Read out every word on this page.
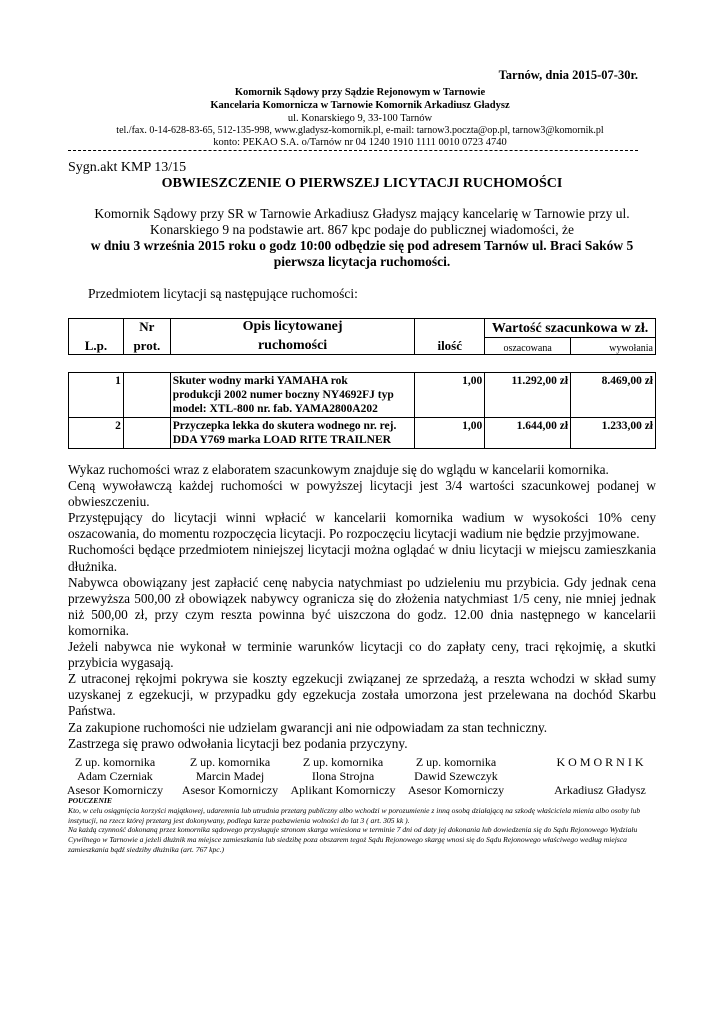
Tarnów, dnia 2015-07-30r.
Komornik Sądowy przy Sądzie Rejonowym w Tarnowie
Kancelaria Komornicza w Tarnowie Komornik Arkadiusz Gładysz
ul. Konarskiego 9, 33-100 Tarnów
tel./fax. 0-14-628-83-65, 512-135-998, www.gladysz-komornik.pl, e-mail: tarnow3.poczta@op.pl, tarnow3@komornik.pl
konto: PEKAO S.A. o/Tarnów nr 04 1240 1910 1111 0010 0723 4740
Sygn.akt KMP 13/15
OBWIESZCZENIE O PIERWSZEJ LICYTACJI RUCHOMOŚCI
Komornik Sądowy przy SR w Tarnowie Arkadiusz Gładysz mający kancelarię w Tarnowie przy ul.
Konarskiego 9 na podstawie art. 867 kpc podaje do publicznej wiadomości, że
w dniu 3 września 2015 roku o godz 10:00 odbędzie się pod adresem Tarnów ul. Braci Saków 5
pierwsza licytacja ruchomości.
Przedmiotem licytacji są następujące ruchomości:
L.p.	Nr	Opis licytowanej	ilość	Wartość szacunkowa w zł.	
	prot.	ruchomości		oszacowana	wywołania
1		Skuter wodny marki YAMAHA rok
produkcji 2002 numer boczny NY4692FJ typ
model: XTL-800 nr. fab. YAMA2800A202	1,00	11.292,00 zł	8.469,00 zł
2		Przyczepka lekka do skutera wodnego nr. rej.
DDA Y769 marka LOAD RITE TRAILNER	1,00	1.644,00 zł	1.233,00 zł

Wykaz ruchomości wraz z elaboratem szacunkowym znajduje się do wglądu w kancelarii komornika.

Ceną wywoławczą każdej ruchomości w powyższej licytacji jest 3/4 wartości szacunkowej podanej w obwieszczeniu.

Przystępujący do licytacji winni wpłacić w kancelarii komornika wadium w wysokości 10% ceny oszacowania, do momentu rozpoczęcia licytacji. Po rozpoczęciu licytacji wadium nie będzie przyjmowane.

Ruchomości będące przedmiotem niniejszej licytacji można oglądać w dniu licytacji w miejscu zamieszkania dłużnika.

Nabywca obowiązany jest zapłacić cenę nabycia natychmiast po udzieleniu mu przybicia. Gdy jednak cena przewyższa 500,00 zł obowiązek nabywcy ogranicza się do złożenia natychmiast 1/5 ceny, nie mniej jednak niż 500,00 zł, przy czym reszta powinna być uiszczona do godz. 12.00 dnia następnego w kancelarii komornika.

Jeżeli nabywca nie wykonał w terminie warunków licytacji co do zapłaty ceny, traci rękojmię, a skutki przybicia wygasają.

Z utraconej rękojmi pokrywa sie koszty egzekucji związanej ze sprzedażą, a reszta wchodzi w skład sumy uzyskanej z egzekucji, w przypadku gdy egzekucja została umorzona jest przelewana na dochód Skarbu Państwa.

Za zakupione ruchomości nie udzielam gwarancji ani nie odpowiadam za stan techniczny.

Zastrzega się prawo odwołania licytacji bez podania przyczyny.

Z up. komornika
Adam Czerniak
Asesor Komorniczy
Z up. komornika
Marcin Madej
Asesor Komorniczy
Z up. komornika
Ilona Strojna
Aplikant Komorniczy
Z up. komornika
Dawid Szewczyk
Asesor Komorniczy
K O M O R N I K

Arkadiusz Gładysz
POUCZENIE
Kto, w celu osiągnięcia korzyści majątkowej, udaremnia lub utrudnia przetarg publiczny albo wchodzi w porozumienie z inną osobą działającą na szkodę właściciela mienia albo osoby lub instytucji, na rzecz której przetarg jest dokonywany, podlega karze pozbawienia wolności do lat 3 ( art. 305 kk ).
Na każdą czynność dokonaną przez komornika sądowego przysługuje stronom skarga wniesiona w terminie 7 dni od daty jej dokonania lub dowiedzenia się do Sądu Rejonowego Wydziału Cywilnego w Tarnowie a jeżeli dłużnik ma miejsce zamieszkania lub siedzibę poza obszarem tegoż Sądu Rejonowego skargę wnosi się do Sądu Rejonowego właściwego według miejsca zamieszkania bądź siedziby dłużnika (art. 767 kpc.)
